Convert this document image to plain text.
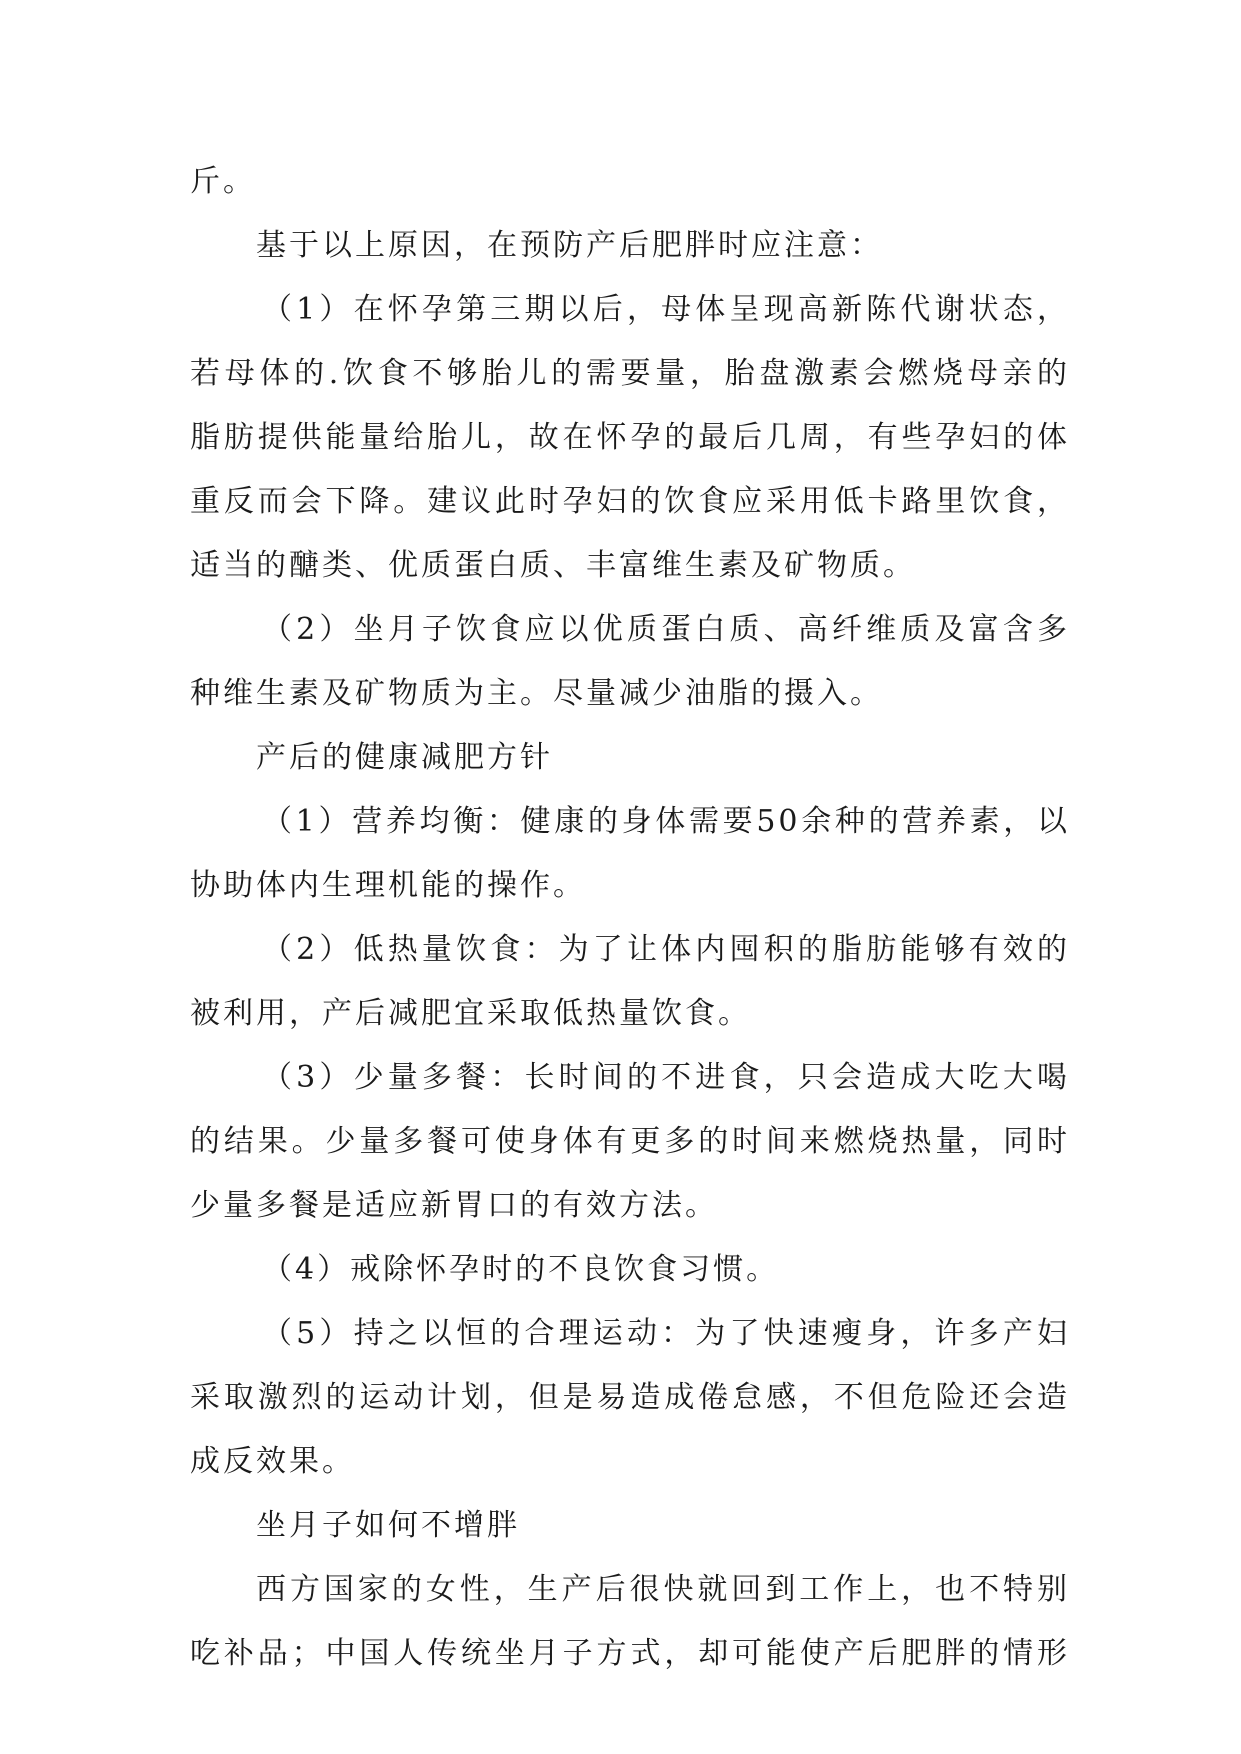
斤。
基于以上原因，在预防产后肥胖时应注意：
（1）在怀孕第三期以后，母体呈现高新陈代谢状态，
若母体的.饮食不够胎儿的需要量，胎盘激素会燃烧母亲的
脂肪提供能量给胎儿，故在怀孕的最后几周，有些孕妇的体
重反而会下降。建议此时孕妇的饮食应采用低卡路里饮食，
适当的醣类、优质蛋白质、丰富维生素及矿物质。
（2）坐月子饮食应以优质蛋白质、高纤维质及富含多
种维生素及矿物质为主。尽量减少油脂的摄入。
产后的健康减肥方针
（1）营养均衡：健康的身体需要50余种的营养素，以
协助体内生理机能的操作。
（2）低热量饮食：为了让体内囤积的脂肪能够有效的
被利用，产后减肥宜采取低热量饮食。
（3）少量多餐：长时间的不进食，只会造成大吃大喝
的结果。少量多餐可使身体有更多的时间来燃烧热量，同时
少量多餐是适应新胃口的有效方法。
（4）戒除怀孕时的不良饮食习惯。
（5）持之以恒的合理运动：为了快速瘦身，许多产妇
采取激烈的运动计划，但是易造成倦怠感，不但危险还会造
成反效果。
坐月子如何不增胖
西方国家的女性，生产后很快就回到工作上，也不特别
吃补品；中国人传统坐月子方式，却可能使产后肥胖的情形
